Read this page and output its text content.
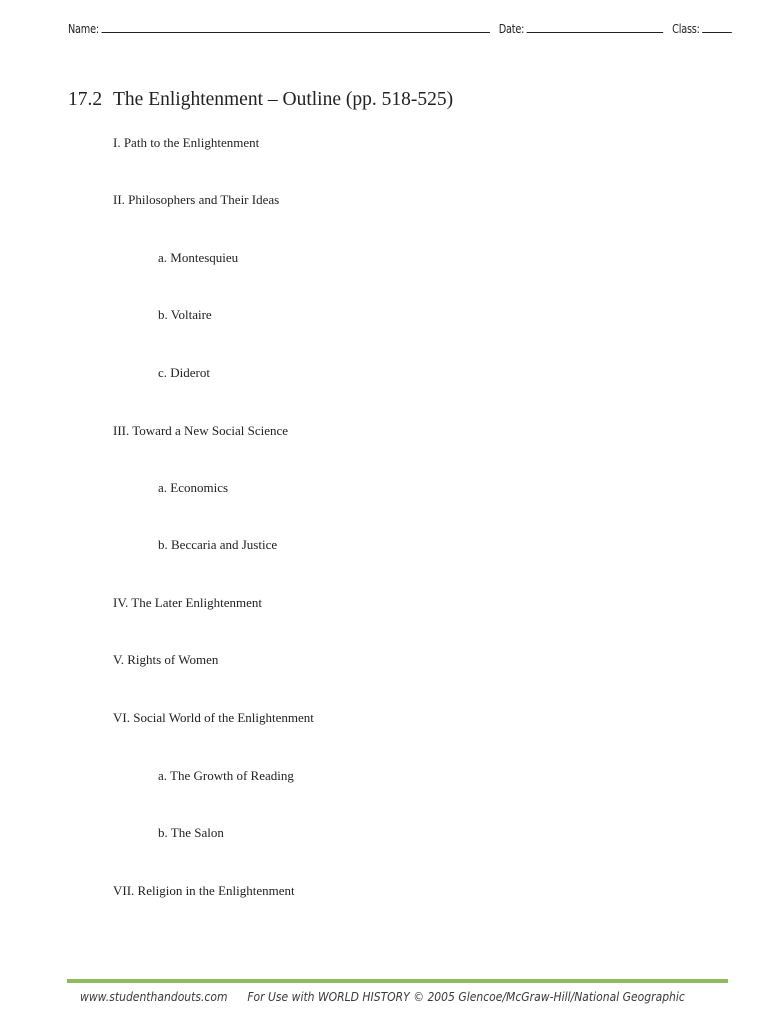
Name:	Date:	Class:
17.2 The Enlightenment – Outline (pp. 518-525)
I. Path to the Enlightenment
II. Philosophers and Their Ideas
a. Montesquieu
b. Voltaire
c. Diderot
III. Toward a New Social Science
a. Economics
b. Beccaria and Justice
IV. The Later Enlightenment
V. Rights of Women
VI. Social World of the Enlightenment
a. The Growth of Reading
b. The Salon
VII. Religion in the Enlightenment
www.studenthandouts.com For Use with WORLD HISTORY © 2005 Glencoe/McGraw-Hill/National Geographic
